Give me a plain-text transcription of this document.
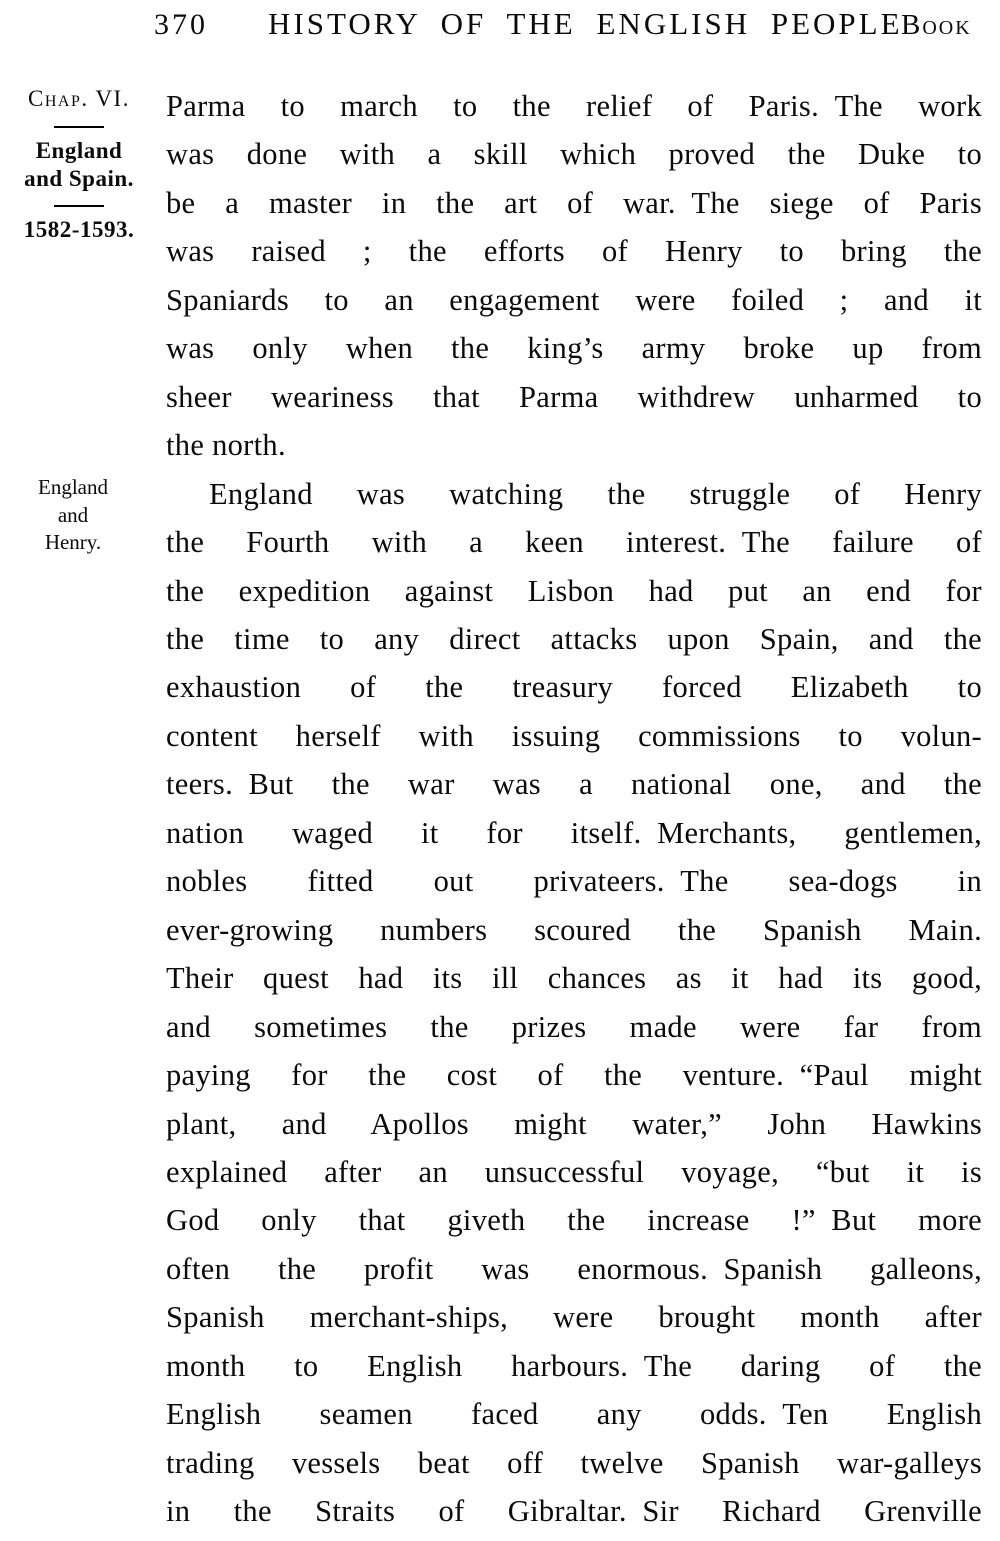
370 HISTORY OF THE ENGLISH PEOPLE
Book
Chap. VI.
England
and Spain.
1582-1593.
England
and
Henry.
Parma to march to the relief of Paris. The work
was done with a skill which proved the Duke to
be a master in the art of war. The siege of Paris
was raised ; the efforts of Henry to bring the
Spaniards to an engagement were foiled ; and it
was only when the king’s army broke up from
sheer weariness that Parma withdrew unharmed to
the north.
England was watching the struggle of Henry
the Fourth with a keen interest. The failure of
the expedition against Lisbon had put an end for
the time to any direct attacks upon Spain, and the
exhaustion of the treasury forced Elizabeth to
content herself with issuing commissions to volun-
teers. But the war was a national one, and the
nation waged it for itself. Merchants, gentlemen,
nobles fitted out privateers. The sea-dogs in
ever-growing numbers scoured the Spanish Main.
Their quest had its ill chances as it had its good,
and sometimes the prizes made were far from
paying for the cost of the venture. “Paul might
plant, and Apollos might water,” John Hawkins
explained after an unsuccessful voyage, “but it is
God only that giveth the increase !” But more
often the profit was enormous. Spanish galleons,
Spanish merchant-ships, were brought month after
month to English harbours. The daring of the
English seamen faced any odds. Ten English
trading vessels beat off twelve Spanish war-galleys
in the Straits of Gibraltar. Sir Richard Grenville
